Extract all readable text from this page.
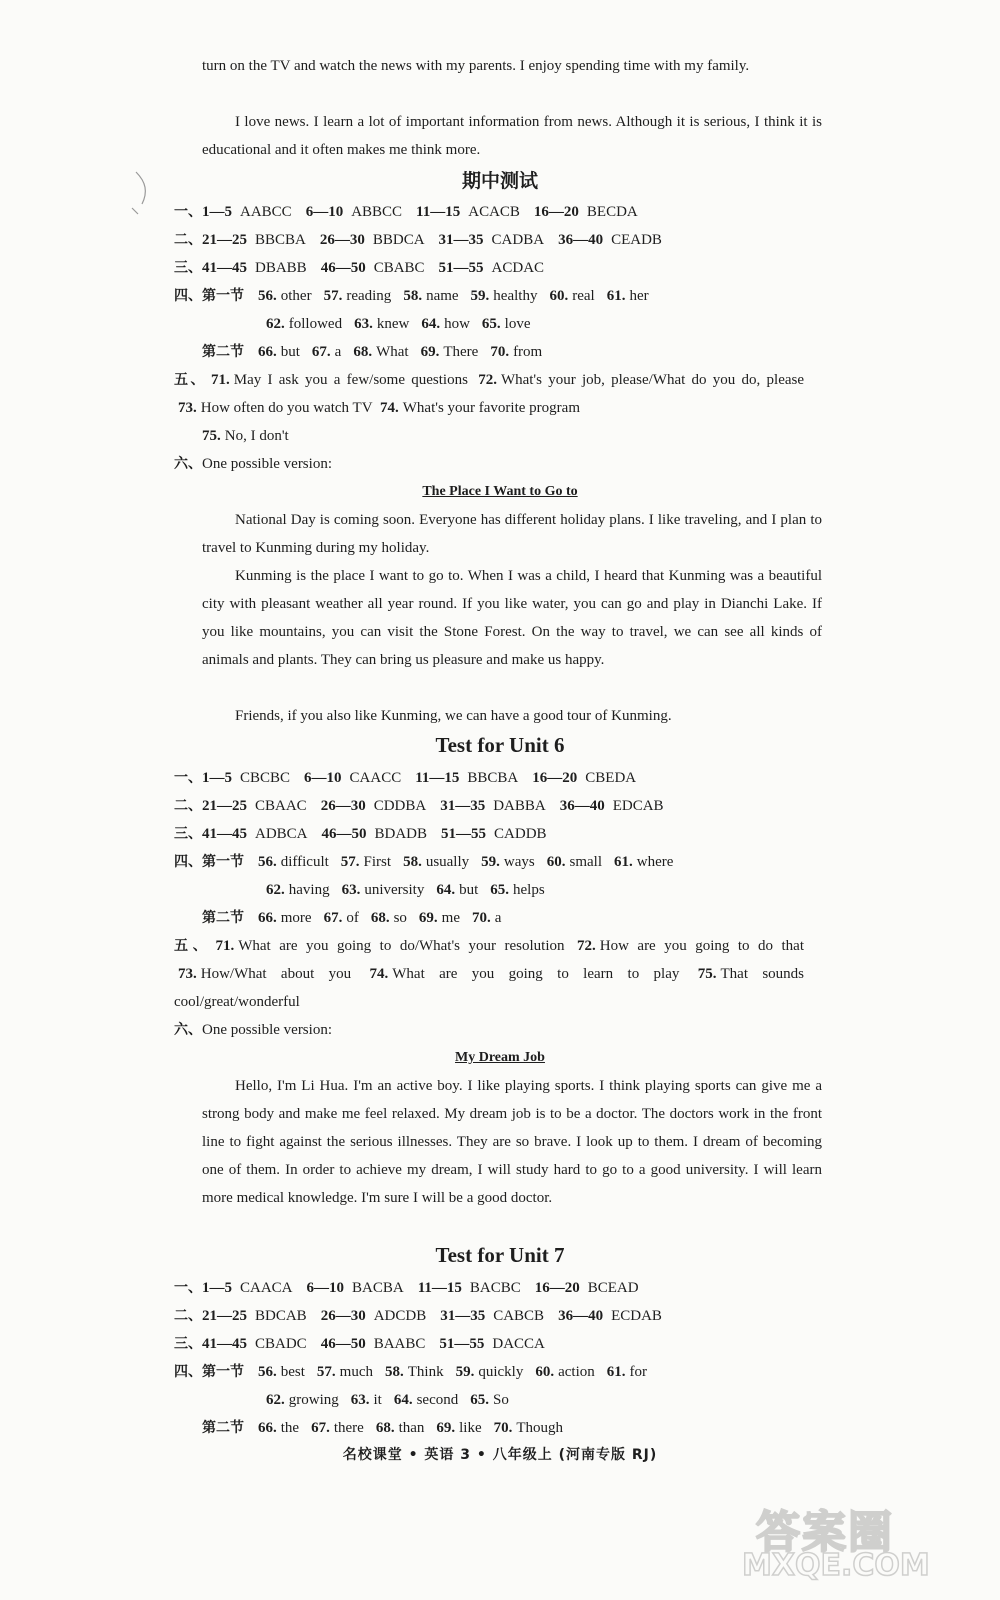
turn on the TV and watch the news with my parents. I enjoy spending time with my family.

I love news. I learn a lot of important information from news. Although it is serious, I think it is educational and it often makes me think more.

期中测试
一、1—5 AABCC 6—10 ABBCC 11—15 ACACB 16—20 BECDA
二、21—25 BBCBA 26—30 BBDCA 31—35 CADBA 36—40 CEADB
三、41—45 DBABB 46—50 CBABC 51—55 ACDAC
四、第一节 56. other 57. reading 58. name 59. healthy 60. real 61. her
62. followed 63. knew 64. how 65. love
第二节 66. but 67. a 68. What 69. There 70. from

五、 71. May I ask you a few/some questions 72. What's your job, please/What do you do, please 73. How often do you watch TV 74. What's your favorite program
75. No, I don't

六、One possible version:
The Place I Want to Go to

National Day is coming soon. Everyone has different holiday plans. I like traveling, and I plan to travel to Kunming during my holiday.

Kunming is the place I want to go to. When I was a child, I heard that Kunming was a beautiful city with pleasant weather all year round. If you like water, you can go and play in Dianchi Lake. If you like mountains, you can visit the Stone Forest. On the way to travel, we can see all kinds of animals and plants. They can bring us pleasure and make us happy.

Friends, if you also like Kunming, we can have a good tour of Kunming.

Test for Unit 6
一、1—5 CBCBC 6—10 CAACC 11—15 BBCBA 16—20 CBEDA
二、21—25 CBAAC 26—30 CDDBA 31—35 DABBA 36—40 EDCAB
三、41—45 ADBCA 46—50 BDADB 51—55 CADDB
四、第一节 56. difficult 57. First 58. usually 59. ways 60. small 61. where
62. having 63. university 64. but 65. helps
第二节 66. more 67. of 68. so 69. me 70. a

五、 71. What are you going to do/What's your resolution 72. How are you going to do that 73. How/What about you 74. What are you going to learn to play 75. That sounds cool/great/wonderful

六、One possible version:
My Dream Job

Hello, I'm Li Hua. I'm an active boy. I like playing sports. I think playing sports can give me a strong body and make me feel relaxed. My dream job is to be a doctor. The doctors work in the front line to fight against the serious illnesses. They are so brave. I look up to them. I dream of becoming one of them. In order to achieve my dream, I will study hard to go to a good university. I will learn more medical knowledge. I'm sure I will be a good doctor.

Test for Unit 7
一、1—5 CAACA 6—10 BACBA 11—15 BACBC 16—20 BCEAD
二、21—25 BDCAB 26—30 ADCDB 31—35 CABCB 36—40 ECDAB
三、41—45 CBADC 46—50 BAABC 51—55 DACCA
四、第一节 56. best 57. much 58. Think 59. quickly 60. action 61. for
62. growing 63. it 64. second 65. So
第二节 66. the 67. there 68. than 69. like 70. Though
名校课堂 • 英语 3 • 八年级上 (河南专版 RJ)
答案圈
MXQE.COM
